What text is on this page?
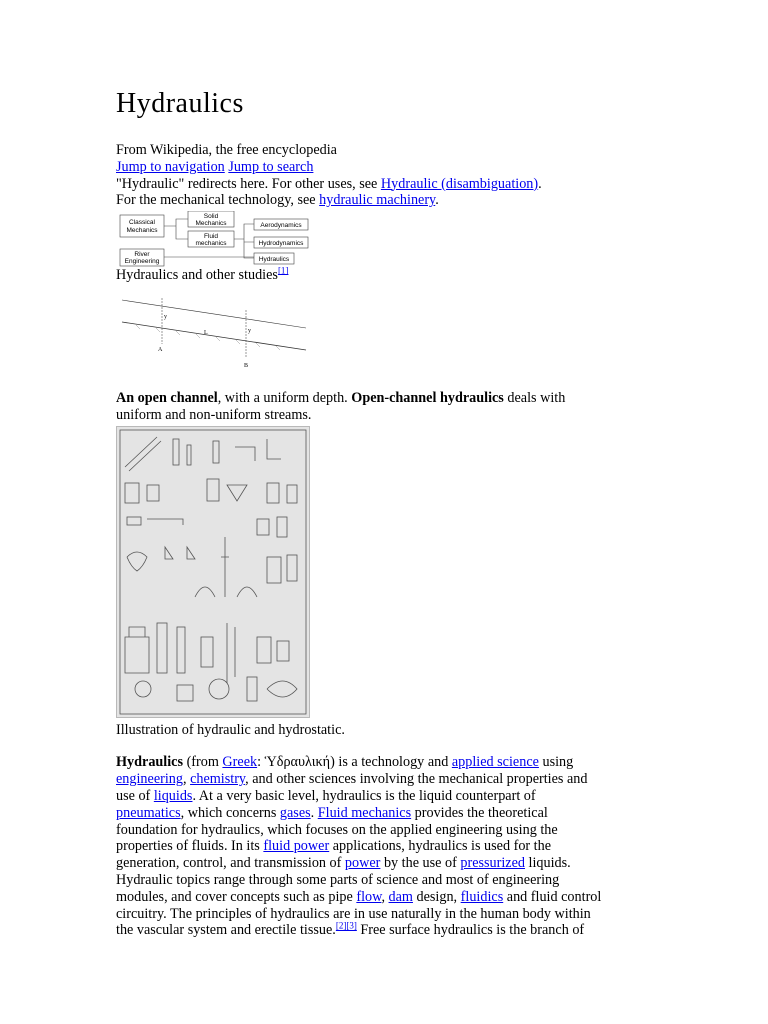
Hydraulics
From Wikipedia, the free encyclopedia
Jump to navigation Jump to search
"Hydraulic" redirects here. For other uses, see Hydraulic (disambiguation).
For the mechanical technology, see hydraulic machinery.
Classical
Mechanics
Solid
Mechanics
Fluid
mechanics
River
Engineering
Aerodynamics
Hydrodynamics
Hydraulics
Hydraulics and other studies[1]
A
B
L
y
y

An open channel, with a uniform depth. Open-channel hydraulics deals with
uniform and non-uniform streams.

Illustration of hydraulic and hydrostatic.

Hydraulics (from Greek: Ὑδραυλική) is a technology and applied science using
engineering, chemistry, and other sciences involving the mechanical properties and
use of liquids. At a very basic level, hydraulics is the liquid counterpart of
pneumatics, which concerns gases. Fluid mechanics provides the theoretical
foundation for hydraulics, which focuses on the applied engineering using the
properties of fluids. In its fluid power applications, hydraulics is used for the
generation, control, and transmission of power by the use of pressurized liquids.
Hydraulic topics range through some parts of science and most of engineering
modules, and cover concepts such as pipe flow, dam design, fluidics and fluid control
circuitry. The principles of hydraulics are in use naturally in the human body within
the vascular system and erectile tissue.[2][3] Free surface hydraulics is the branch of
